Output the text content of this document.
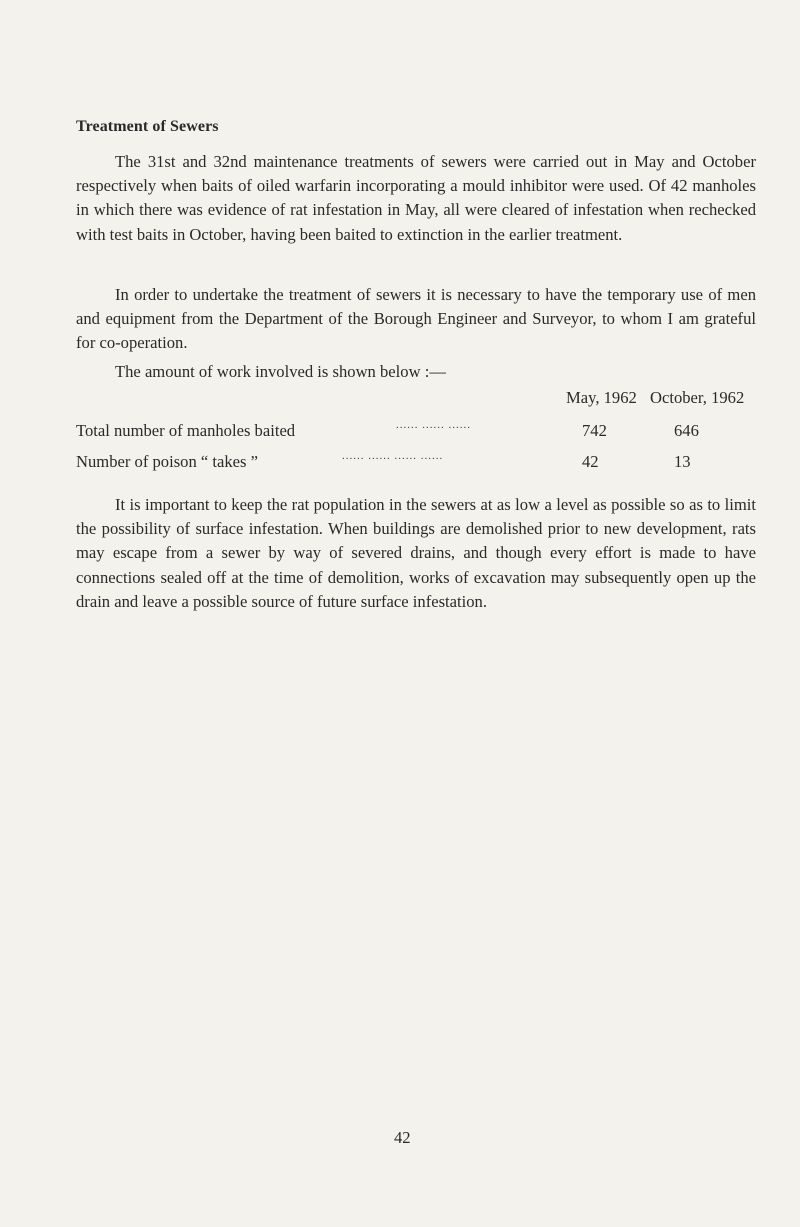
Treatment of Sewers
The 31st and 32nd maintenance treatments of sewers were carried out in May and October respectively when baits of oiled warfarin incorporating a mould inhibitor were used. Of 42 manholes in which there was evidence of rat infestation in May, all were cleared of infestation when rechecked with test baits in October, having been baited to extinction in the earlier treatment.
In order to undertake the treatment of sewers it is necessary to have the temporary use of men and equipment from the Department of the Borough Engineer and Surveyor, to whom I am grateful for co-operation.
The amount of work involved is shown below :—
May, 1962 October, 1962
Total number of manholes baited	...... ...... ......	742	646
Number of poison “ takes ”	...... ...... ...... ......	42	13
It is important to keep the rat population in the sewers at as low a level as possible so as to limit the possibility of surface infestation. When buildings are demolished prior to new development, rats may escape from a sewer by way of severed drains, and though every effort is made to have connections sealed off at the time of demolition, works of excavation may subsequently open up the drain and leave a possible source of future surface infestation.
42
